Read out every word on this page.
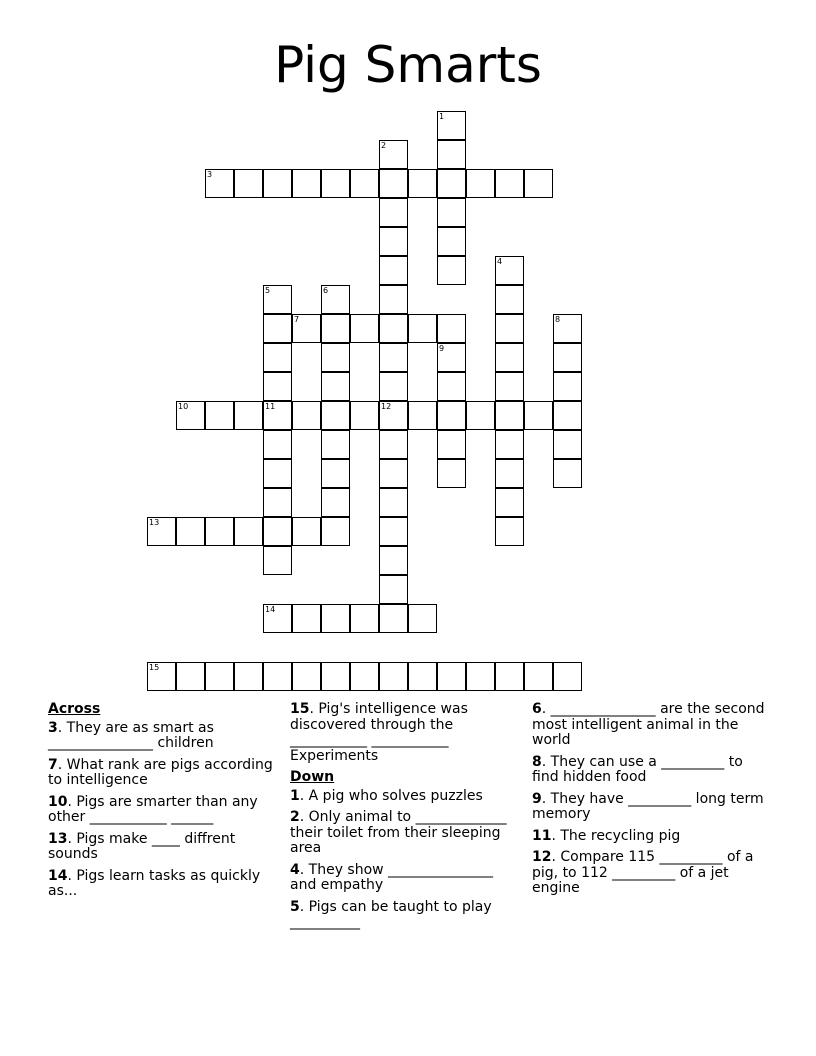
Pig Smarts
1
2
3
4
5
11
6
7	8
9
10	12
13
14
15
Across
3. They are as smart as _______________ children
7. What rank are pigs according to intelligence
10. Pigs are smarter than any other ___________ ______
13. Pigs make ____ diffrent sounds
14. Pigs learn tasks as quickly as...
15. Pig's intelligence was discovered through the ___________ ___________ Experiments
Down
1. A pig who solves puzzles
2. Only animal to _____________ their toilet from their sleeping area
4. They show _______________ and empathy
5. Pigs can be taught to play __________
6. _______________ are the second most intelligent animal in the world
8. They can use a _________ to find hidden food
9. They have _________ long term memory
11. The recycling pig
12. Compare 115 _________ of a pig, to 112 _________ of a jet engine
